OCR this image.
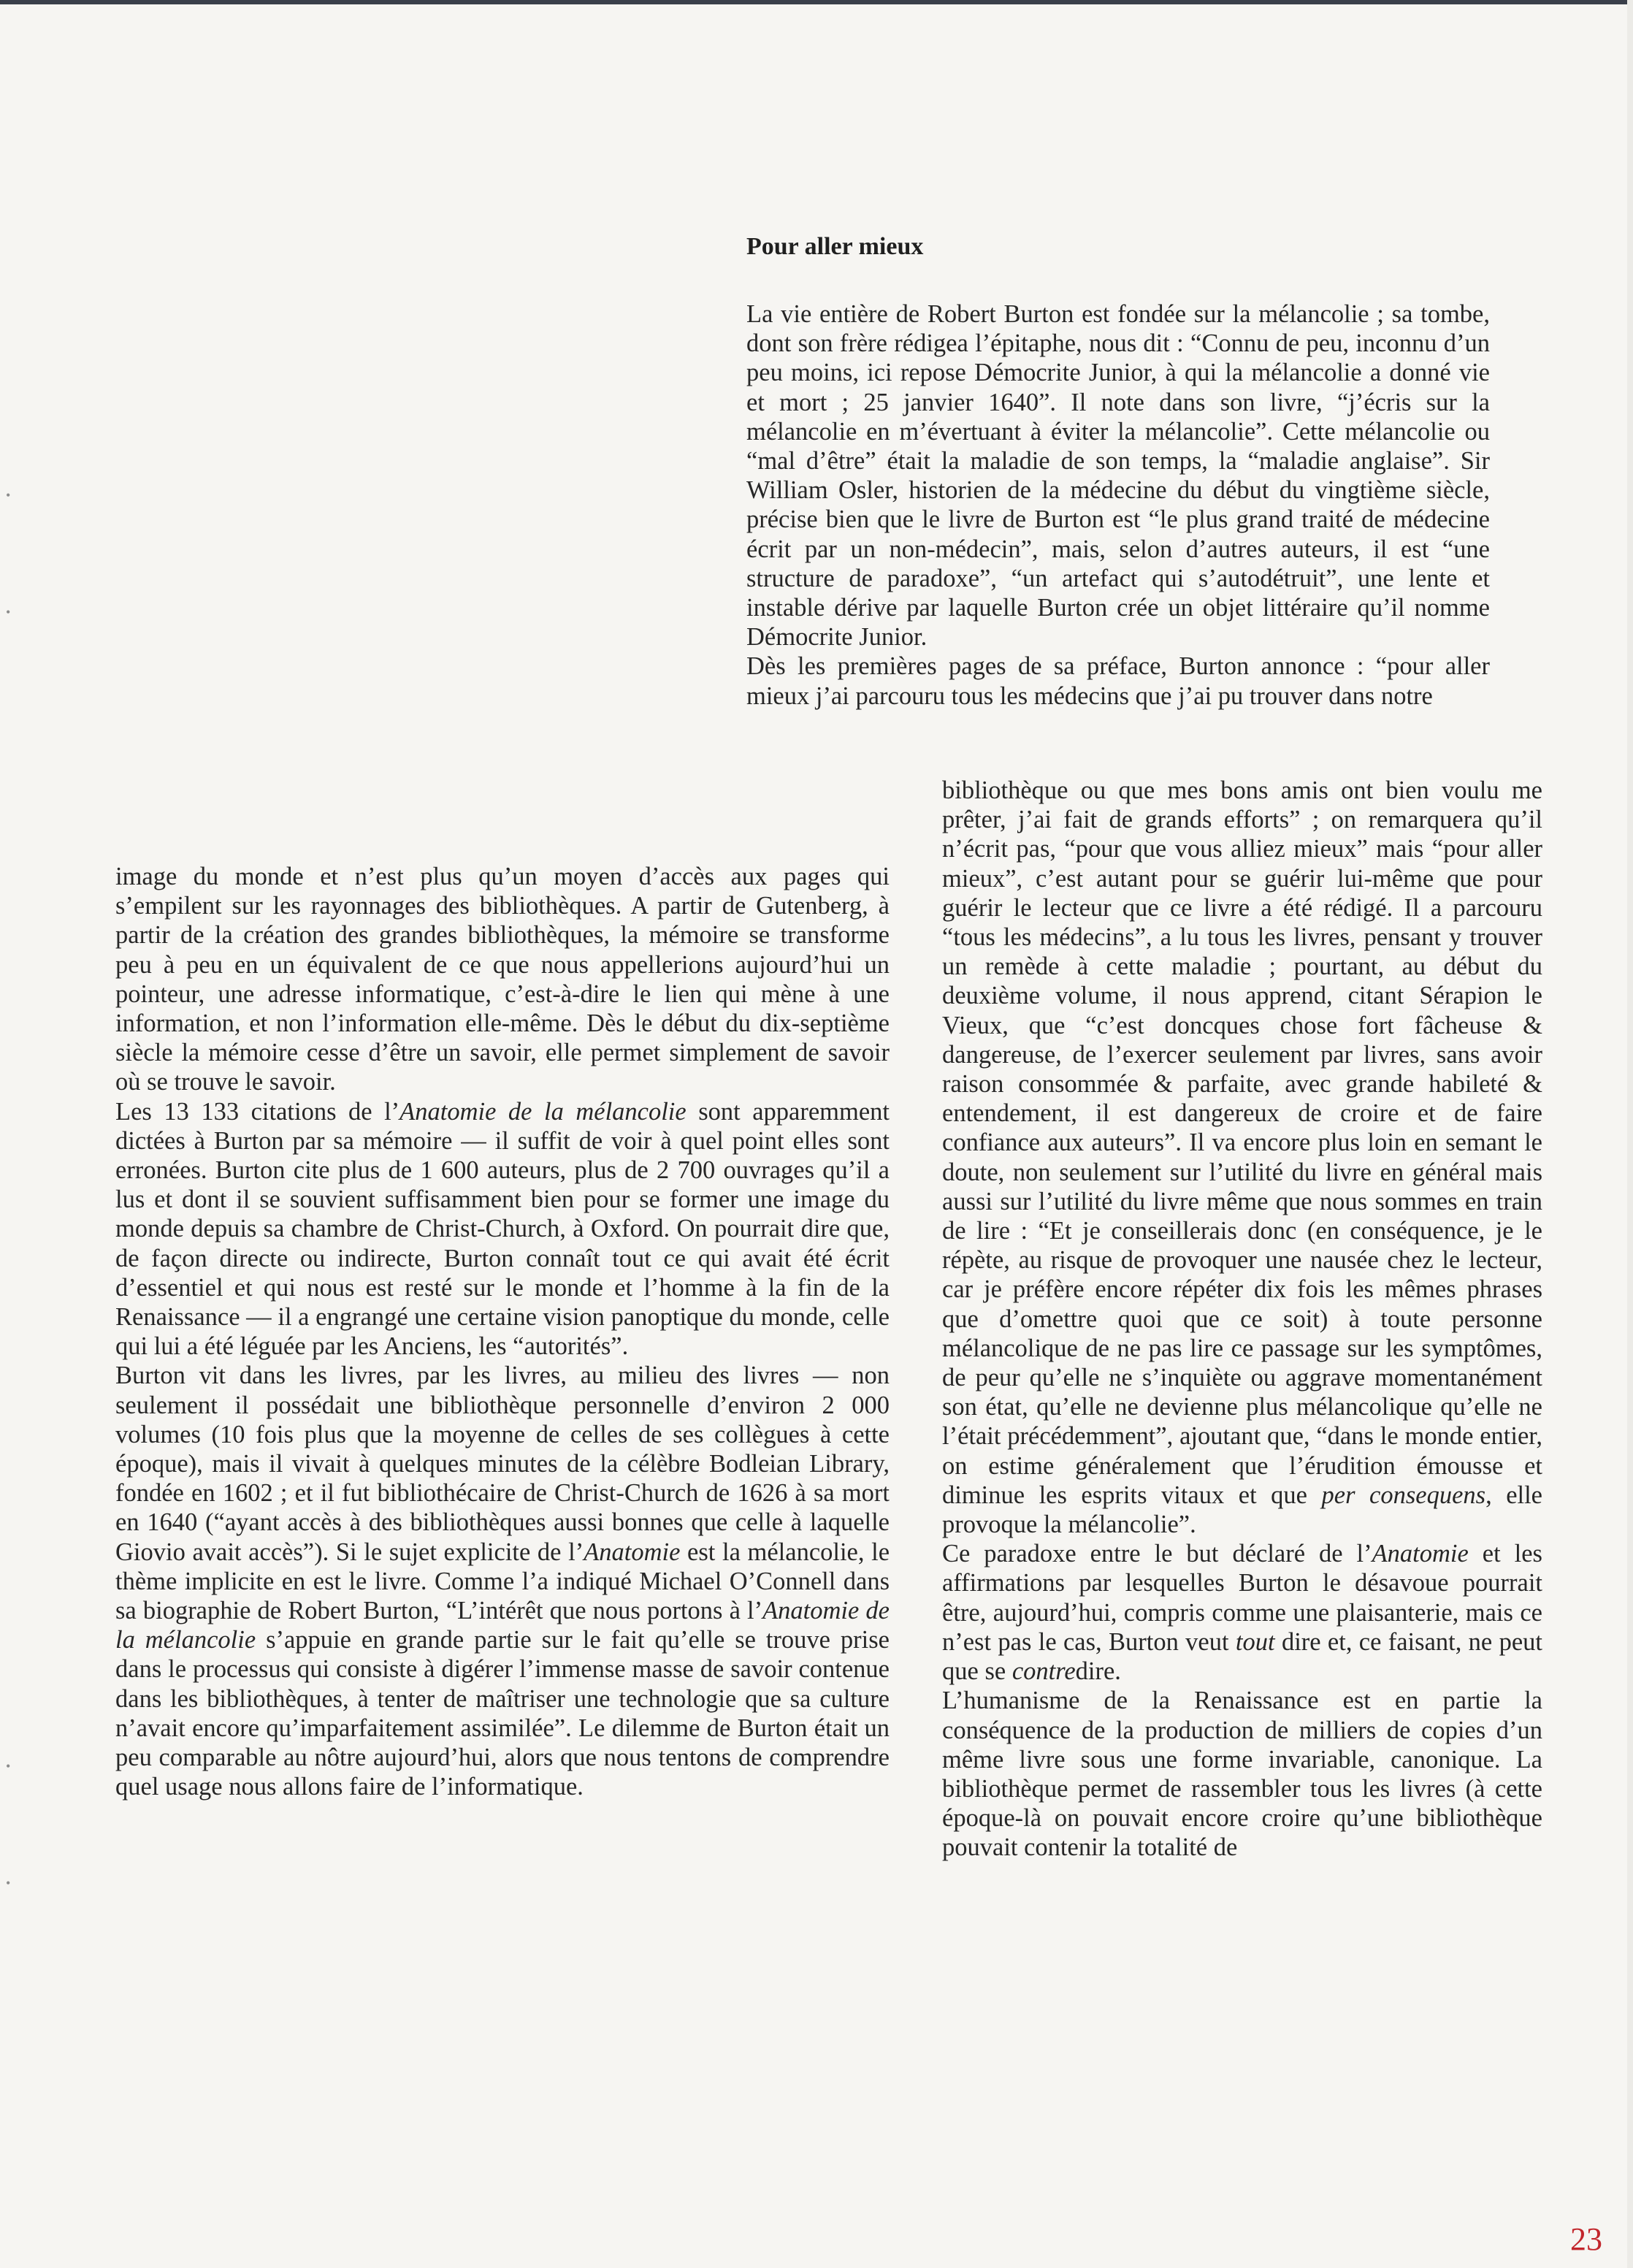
•
•
•
•
Pour aller mieux

La vie entière de Robert Burton est fondée sur la mélancolie ; sa tombe, dont son frère rédigea l’épitaphe, nous dit : “Connu de peu, inconnu d’un peu moins, ici repose Démocrite Junior, à qui la mélancolie a donné vie et mort ; 25 janvier 1640”. Il note dans son livre, “j’écris sur la mélancolie en m’évertuant à éviter la mélancolie”. Cette mélancolie ou “mal d’être” était la maladie de son temps, la “maladie anglaise”. Sir William Osler, historien de la médecine du début du vingtième siècle, précise bien que le livre de Burton est “le plus grand traité de médecine écrit par un non-médecin”, mais, selon d’autres auteurs, il est “une structure de paradoxe”, “un artefact qui s’autodétruit”, une lente et instable dérive par laquelle Burton crée un objet littéraire qu’il nomme Démocrite Junior.

Dès les premières pages de sa préface, Burton annonce : “pour aller mieux j’ai parcouru tous les médecins que j’ai pu trouver dans notre

bibliothèque ou que mes bons amis ont bien voulu me prêter, j’ai fait de grands efforts” ; on remarquera qu’il n’écrit pas, “pour que vous alliez mieux” mais “pour aller mieux”, c’est autant pour se guérir lui-même que pour guérir le lecteur que ce livre a été rédigé. Il a parcouru “tous les médecins”, a lu tous les livres, pensant y trouver un remède à cette maladie ; pourtant, au début du deuxième volume, il nous apprend, citant Sérapion le Vieux, que “c’est doncques chose fort fâcheuse & dangereuse, de l’exercer seulement par livres, sans avoir raison consommée & parfaite, avec grande habileté & entendement, il est dangereux de croire et de faire confiance aux auteurs”. Il va encore plus loin en semant le doute, non seulement sur l’utilité du livre en général mais aussi sur l’utilité du livre même que nous sommes en train de lire : “Et je conseillerais donc (en conséquence, je le répète, au risque de provoquer une nausée chez le lecteur, car je préfère encore répéter dix fois les mêmes phrases que d’omettre quoi que ce soit) à toute personne mélancolique de ne pas lire ce passage sur les symptômes, de peur qu’elle ne s’inquiète ou aggrave momentanément son état, qu’elle ne devienne plus mélancolique qu’elle ne l’était précédemment”, ajoutant que, “dans le monde entier, on estime généralement que l’érudition émousse et diminue les esprits vitaux et que per consequens, elle provoque la mélancolie”.

Ce paradoxe entre le but déclaré de l’Anatomie et les affirmations par lesquelles Burton le désavoue pourrait être, aujourd’hui, compris comme une plaisanterie, mais ce n’est pas le cas, Burton veut tout dire et, ce faisant, ne peut que se contredire.

L’humanisme de la Renaissance est en partie la conséquence de la production de milliers de copies d’un même livre sous une forme invariable, canonique. La bibliothèque permet de rassembler tous les livres (à cette époque-là on pouvait encore croire qu’une bibliothèque pouvait contenir la totalité de

image du monde et n’est plus qu’un moyen d’accès aux pages qui s’empilent sur les rayonnages des bibliothèques. A partir de Gutenberg, à partir de la création des grandes bibliothèques, la mémoire se transforme peu à peu en un équivalent de ce que nous appellerions aujourd’hui un pointeur, une adresse informatique, c’est-à-dire le lien qui mène à une information, et non l’information elle-même. Dès le début du dix-septième siècle la mémoire cesse d’être un savoir, elle permet simplement de savoir où se trouve le savoir.

Les 13 133 citations de l’Anatomie de la mélancolie sont apparemment dictées à Burton par sa mémoire — il suffit de voir à quel point elles sont erronées. Burton cite plus de 1 600 auteurs, plus de 2 700 ouvrages qu’il a lus et dont il se souvient suffisamment bien pour se former une image du monde depuis sa chambre de Christ-Church, à Oxford. On pourrait dire que, de façon directe ou indirecte, Burton connaît tout ce qui avait été écrit d’essentiel et qui nous est resté sur le monde et l’homme à la fin de la Renaissance — il a engrangé une certaine vision panoptique du monde, celle qui lui a été léguée par les Anciens, les “autorités”.

Burton vit dans les livres, par les livres, au milieu des livres — non seulement il possédait une bibliothèque personnelle d’environ 2 000 volumes (10 fois plus que la moyenne de celles de ses collègues à cette époque), mais il vivait à quelques minutes de la célèbre Bodleian Library, fondée en 1602 ; et il fut bibliothécaire de Christ-Church de 1626 à sa mort en 1640 (“ayant accès à des bibliothèques aussi bonnes que celle à laquelle Giovio avait accès”). Si le sujet explicite de l’Anatomie est la mélancolie, le thème implicite en est le livre. Comme l’a indiqué Michael O’Connell dans sa biographie de Robert Burton, “L’intérêt que nous portons à l’Anatomie de la mélancolie s’appuie en grande partie sur le fait qu’elle se trouve prise dans le processus qui consiste à digérer l’immense masse de savoir contenue dans les bibliothèques, à tenter de maîtriser une technologie que sa culture n’avait encore qu’imparfaitement assimilée”. Le dilemme de Burton était un peu comparable au nôtre aujourd’hui, alors que nous tentons de comprendre quel usage nous allons faire de l’informatique.

23
